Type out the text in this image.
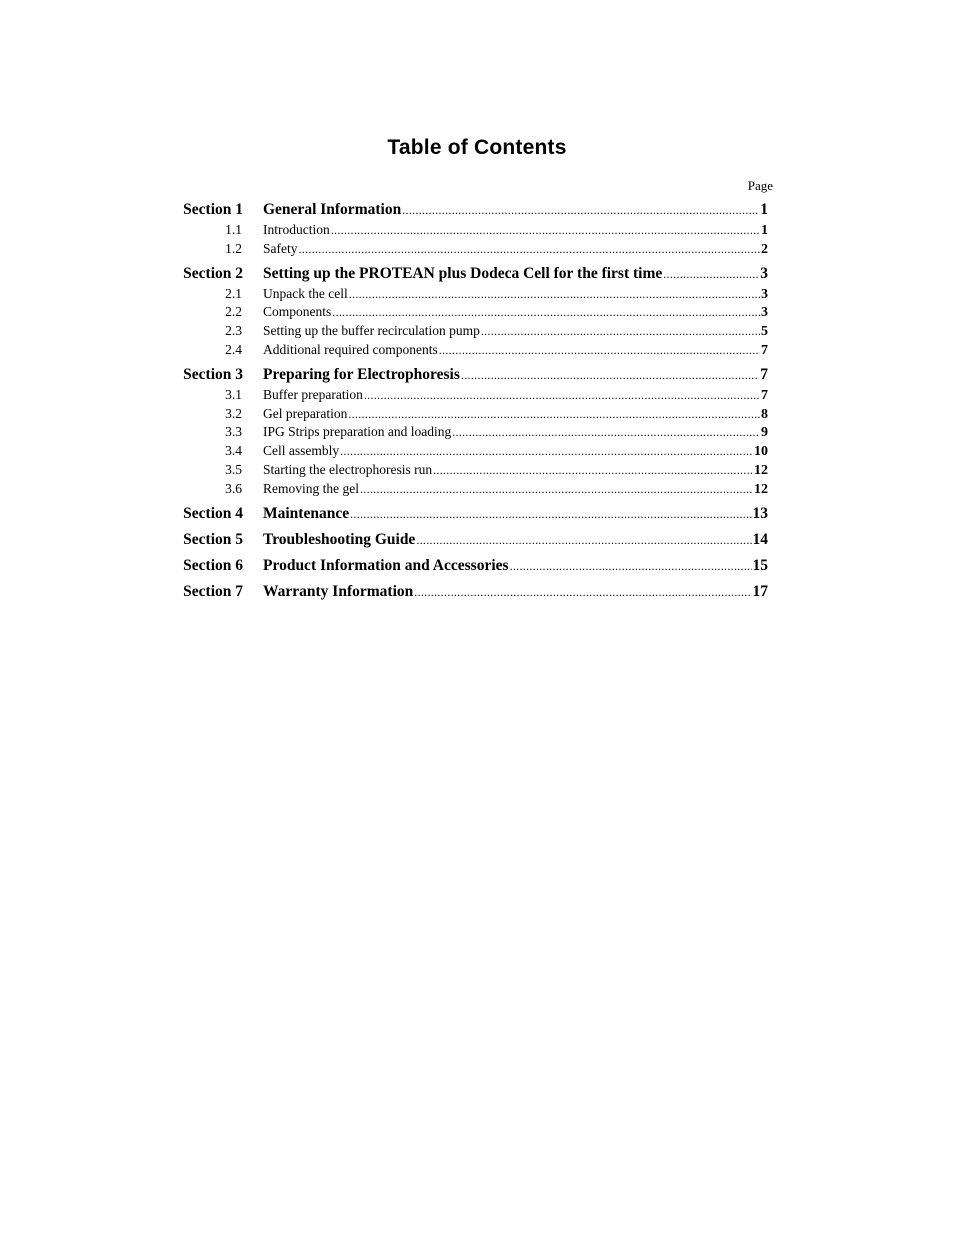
Table of Contents
Page
Section 1 General Information .....	1
1.1 Introduction .....	1
1.2 Safety .....	2
Section 2 Setting up the PROTEAN plus Dodeca Cell for the first time .....	3
2.1 Unpack the cell .....	3
2.2 Components .....	3
2.3 Setting up the buffer recirculation pump .....	5
2.4 Additional required components .....	7
Section 3 Preparing for Electrophoresis .....	7
3.1 Buffer preparation .....	7
3.2 Gel preparation .....	8
3.3 IPG Strips preparation and loading .....	9
3.4 Cell assembly .....	10
3.5 Starting the electrophoresis run .....	12
3.6 Removing the gel .....	12
Section 4 Maintenance .....	13
Section 5 Troubleshooting Guide .....	14
Section 6 Product Information and Accessories .....	15
Section 7 Warranty Information .....	17
